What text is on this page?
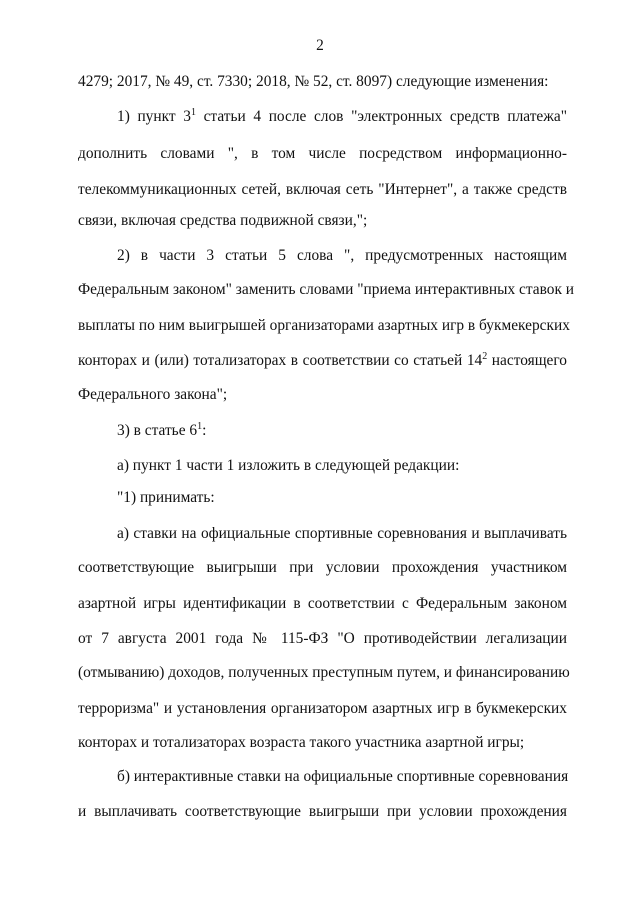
2
4279; 2017, № 49, ст. 7330; 2018, № 52, ст. 8097) следующие изменения:
1) пункт $3^1$ статьи 4 после слов "электронных средств платежа"
дополнить словами ", в том числе посредством информационно-
телекоммуникационных сетей, включая сеть "Интернет", а также средств
связи, включая средства подвижной связи,";
2) в части 3 статьи 5 слова ", предусмотренных настоящим
Федеральным законом" заменить словами "приема интерактивных ставок и
выплаты по ним выигрышей организаторами азартных игр в букмекерских
конторах и (или) тотализаторах в соответствии со статьей $14^2$ настоящего
Федерального закона";
3) в статье $6^1$:
а) пункт 1 части 1 изложить в следующей редакции:
"1) принимать:
а) ставки на официальные спортивные соревнования и выплачивать
соответствующие выигрыши при условии прохождения участником
азартной игры идентификации в соответствии с Федеральным законом
от 7 августа 2001 года № 115-ФЗ "О противодействии легализации
(отмыванию) доходов, полученных преступным путем, и финансированию
терроризма" и установления организатором азартных игр в букмекерских
конторах и тотализаторах возраста такого участника азартной игры;
б) интерактивные ставки на официальные спортивные соревнования
и выплачивать соответствующие выигрыши при условии прохождения
